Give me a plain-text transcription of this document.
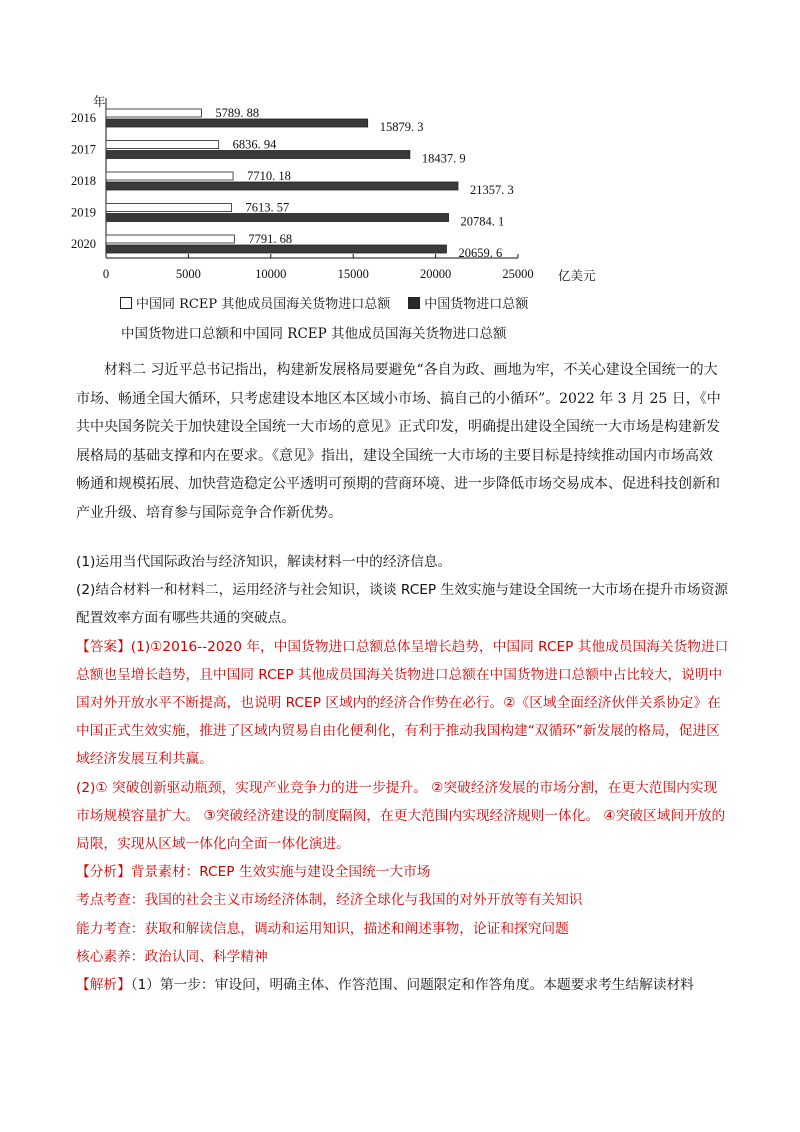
年
0	5000	10000	15000	20000	25000 亿美元
2016	5789. 88
15879. 3
2017	6836. 94
18437. 9
2018	7710. 18
21357. 3
2019	7613. 57
20784. 1
2020	7791. 68
20659. 6
中国同 RCEP 其他成员国海关货物进口总额	中国货物进口总额
中国货物进口总额和中国同 RCEP 其他成员国海关货物进口总额

材料二 习近平总书记指出，构建新发展格局要避免“各自为政、画地为牢，不关心建设全国统一的大市场、畅通全国大循环，只考虑建设本地区本区域小市场、搞自己的小循环”。2022 年 3 月 25 日，《中共中央国务院关于加快建设全国统一大市场的意见》正式印发，明确提出建设全国统一大市场是构建新发展格局的基础支撑和内在要求。《意见》指出，建设全国统一大市场的主要目标是持续推动国内市场高效畅通和规模拓展、加快营造稳定公平透明可预期的营商环境、进一步降低市场交易成本、促进科技创新和产业升级、培育参与国际竞争合作新优势。

(1)运用当代国际政治与经济知识，解读材料一中的经济信息。

(2)结合材料一和材料二，运用经济与社会知识，谈谈 RCEP 生效实施与建设全国统一大市场在提升市场资源配置效率方面有哪些共通的突破点。

【答案】(1)①2016--2020 年，中国货物进口总额总体呈增长趋势，中国同 RCEP 其他成员国海关货物进口总额也呈增长趋势，且中国同 RCEP 其他成员国海关货物进口总额在中国货物进口总额中占比较大，说明中国对外开放水平不断提高，也说明 RCEP 区域内的经济合作势在必行。②《区域全面经济伙伴关系协定》在中国正式生效实施，推进了区域内贸易自由化便利化，有利于推动我国构建“双循环”新发展的格局，促进区域经济发展互利共赢。

(2)① 突破创新驱动瓶颈，实现产业竞争力的进一步提升。 ②突破经济发展的市场分割，在更大范围内实现市场规模容量扩大。 ③突破经济建设的制度隔阂，在更大范围内实现经济规则一体化。 ④突破区域间开放的局限，实现从区域一体化向全面一体化演进。

【分析】背景素材：RCEP 生效实施与建设全国统一大市场

考点考查：我国的社会主义市场经济体制，经济全球化与我国的对外开放等有关知识

能力考查：获取和解读信息，调动和运用知识，描述和阐述事物，论证和探究问题

核心素养：政治认同、科学精神

【解析】（1）第一步：审设问，明确主体、作答范围、问题限定和作答角度。本题要求考生结解读材料
